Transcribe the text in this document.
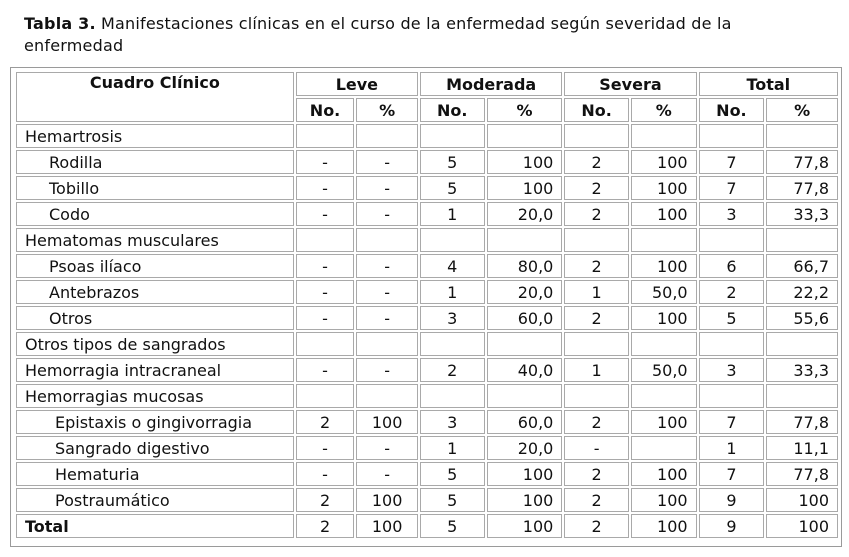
Tabla 3. Manifestaciones clínicas en el curso de la enfermedad según severidad de la enfermedad
Cuadro Clínico	Leve		Moderada		Severa		Total	
	No.	%	No.	%	No.	%	No.	%
Hemartrosis								
Rodilla	-	-	5	100	2	100	7	77,8
Tobillo	-	-	5	100	2	100	7	77,8
Codo	-	-	1	20,0	2	100	3	33,3
Hematomas musculares								
Psoas ilíaco	-	-	4	80,0	2	100	6	66,7
Antebrazos	-	-	1	20,0	1	50,0	2	22,2
Otros	-	-	3	60,0	2	100	5	55,6
Otros tipos de sangrados								
Hemorragia intracraneal	-	-	2	40,0	1	50,0	3	33,3
Hemorragias mucosas								
Epistaxis o gingivorragia	2	100	3	60,0	2	100	7	77,8
Sangrado digestivo	-	-	1	20,0	-		1	11,1
Hematuria	-	-	5	100	2	100	7	77,8
Postraumático	2	100	5	100	2	100	9	100
Total	2	100	5	100	2	100	9	100
